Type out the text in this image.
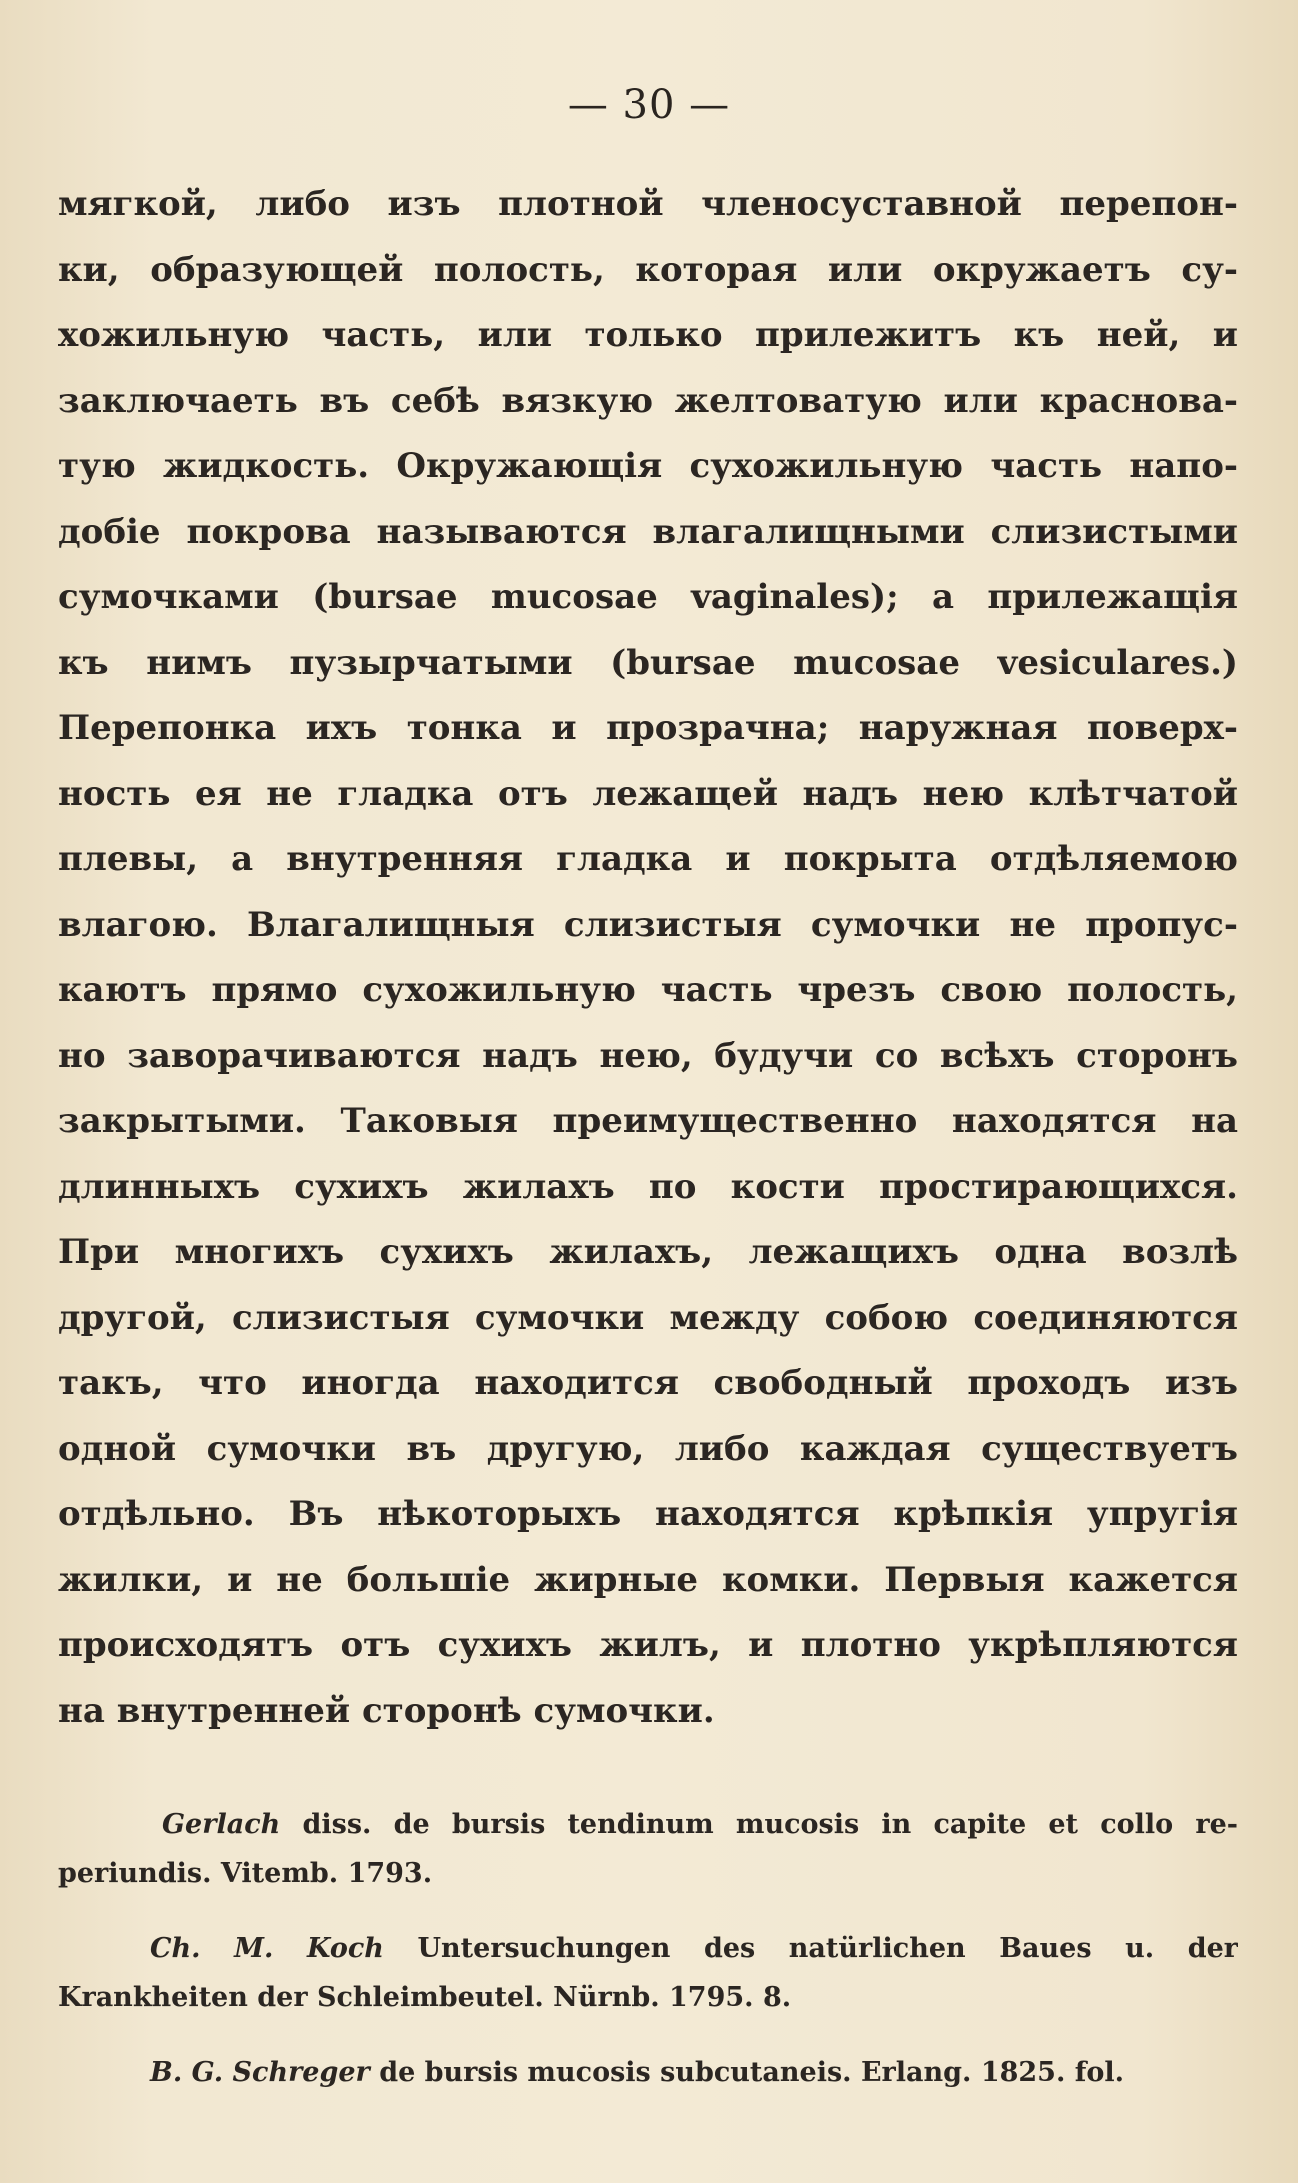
— 30 —
мягкой, либо изъ плотной членосуставной перепон-
ки, образующей полость, которая или окружаетъ су-
хожильную часть, или только прилежитъ къ ней, и
заключаеть въ себѣ вязкую желтоватую или краснова-
тую жидкость. Окружающія сухожильную часть напо-
добіе покрова называются влагалищными слизистыми
сумочками (bursae mucosae vaginales); а прилежащія
къ нимъ пузырчатыми (bursae mucosae vesiculares.)
Перепонка ихъ тонка и прозрачна; наружная поверх-
ность ея не гладка отъ лежащей надъ нею клѣтчатой
плевы, а внутренняя гладка и покрыта отдѣляемою
влагою. Влагалищныя слизистыя сумочки не пропус-
каютъ прямо сухожильную часть чрезъ свою полость,
но заворачиваются надъ нею, будучи со всѣхъ сторонъ
закрытыми. Таковыя преимущественно находятся на
длинныхъ сухихъ жилахъ по кости простирающихся.
При многихъ сухихъ жилахъ, лежащихъ одна возлѣ
другой, слизистыя сумочки между собою соединяются
такъ, что иногда находится свободный проходъ изъ
одной сумочки въ другую, либо каждая существуетъ
отдѣльно. Въ нѣкоторыхъ находятся крѣпкія упругія
жилки, и не большіе жирные комки. Первыя кажется
происходятъ отъ сухихъ жилъ, и плотно укрѣпляются
на внутренней сторонѣ сумочки.
Gerlach diss. de bursis tendinum mucosis in capite et collo re-
periundis. Vitemb. 1793.
Ch. M. Koch Untersuchungen des natürlichen Baues u. der
Krankheiten der Schleimbeutel. Nürnb. 1795. 8.
B. G. Schreger de bursis mucosis subcutaneis. Erlang. 1825. fol.
